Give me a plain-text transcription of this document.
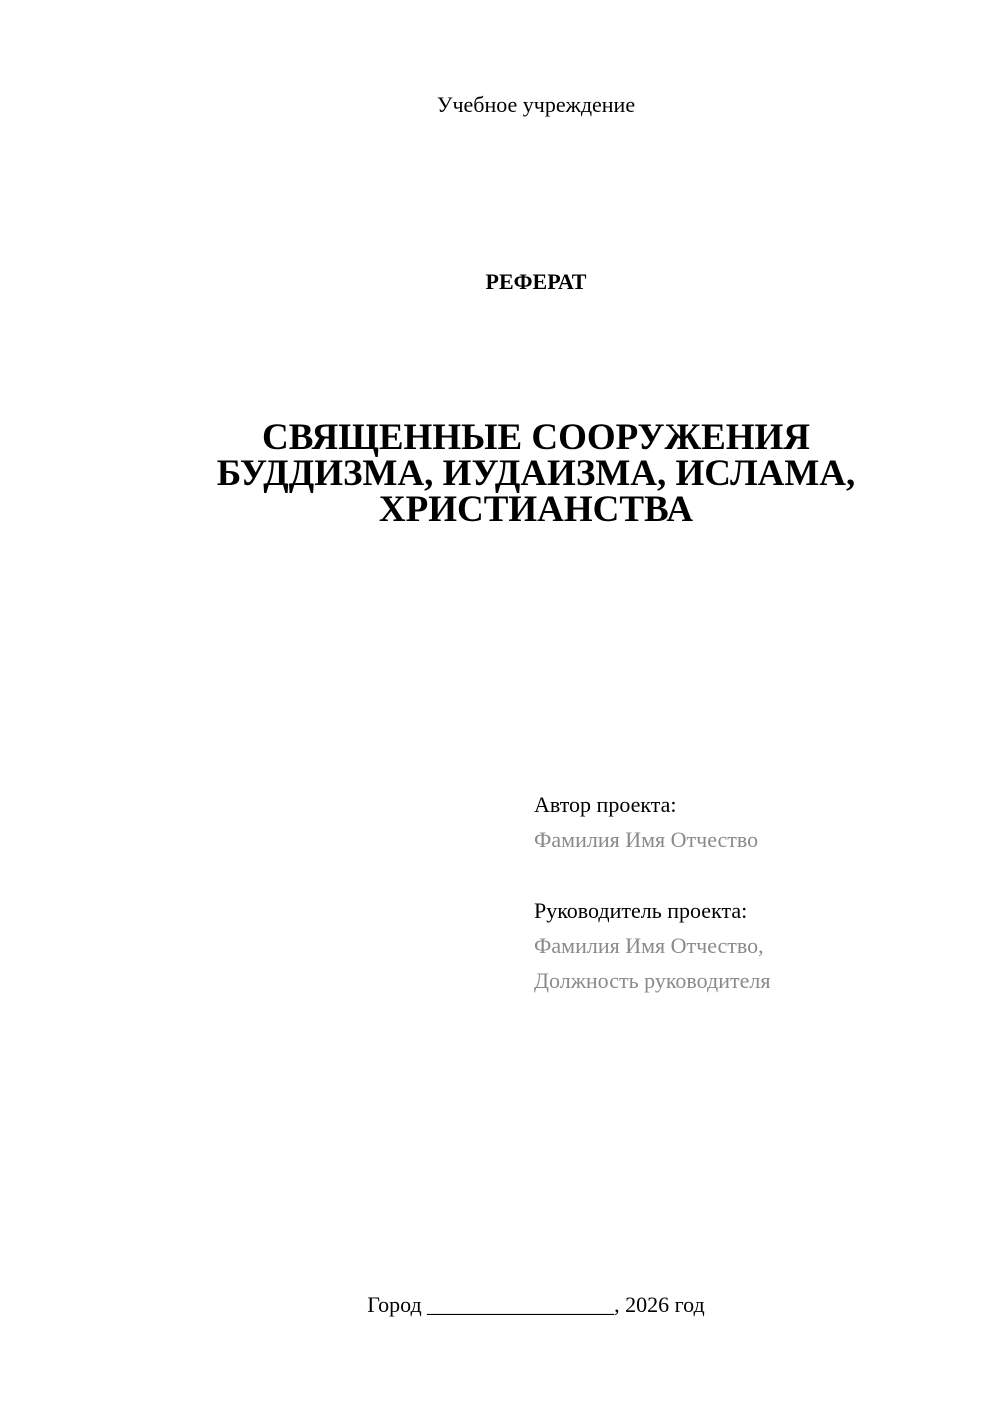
Учебное учреждение
РЕФЕРАТ
СВЯЩЕННЫЕ СООРУЖЕНИЯ
БУДДИЗМА, ИУДАИЗМА, ИСЛАМА,
ХРИСТИАНСТВА
Автор проекта:
Фамилия Имя Отчество
Руководитель проекта:
Фамилия Имя Отчество,
Должность руководителя
Город _________________, 2026 год
